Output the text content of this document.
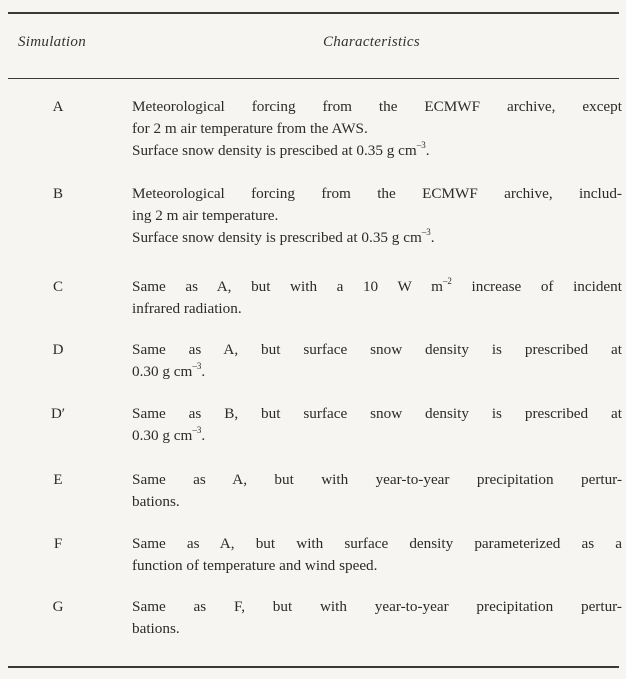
Simulation	Characteristics
A	Meteorological forcing from the ECMWF archive, except
for 2 m air temperature from the AWS.
Surface snow density is prescibed at 0.35 g $cm^{-3}$.
B	Meteorological forcing from the ECMWF archive, includ-
ing 2 m air temperature.
Surface snow density is prescribed at 0.35 g $cm^{-3}$.
C	Same as A, but with a 10 W $m^{-2}$ increase of incident
infrared radiation.
D	Same as A, but surface snow density is prescribed at
0.30 g $cm^{-3}$.
D′	Same as B, but surface snow density is prescribed at
0.30 g $cm^{-3}$.
E	Same as A, but with year-to-year precipitation pertur-
bations.
F	Same as A, but with surface density parameterized as a
function of temperature and wind speed.
G	Same as F, but with year-to-year precipitation pertur-
bations.
